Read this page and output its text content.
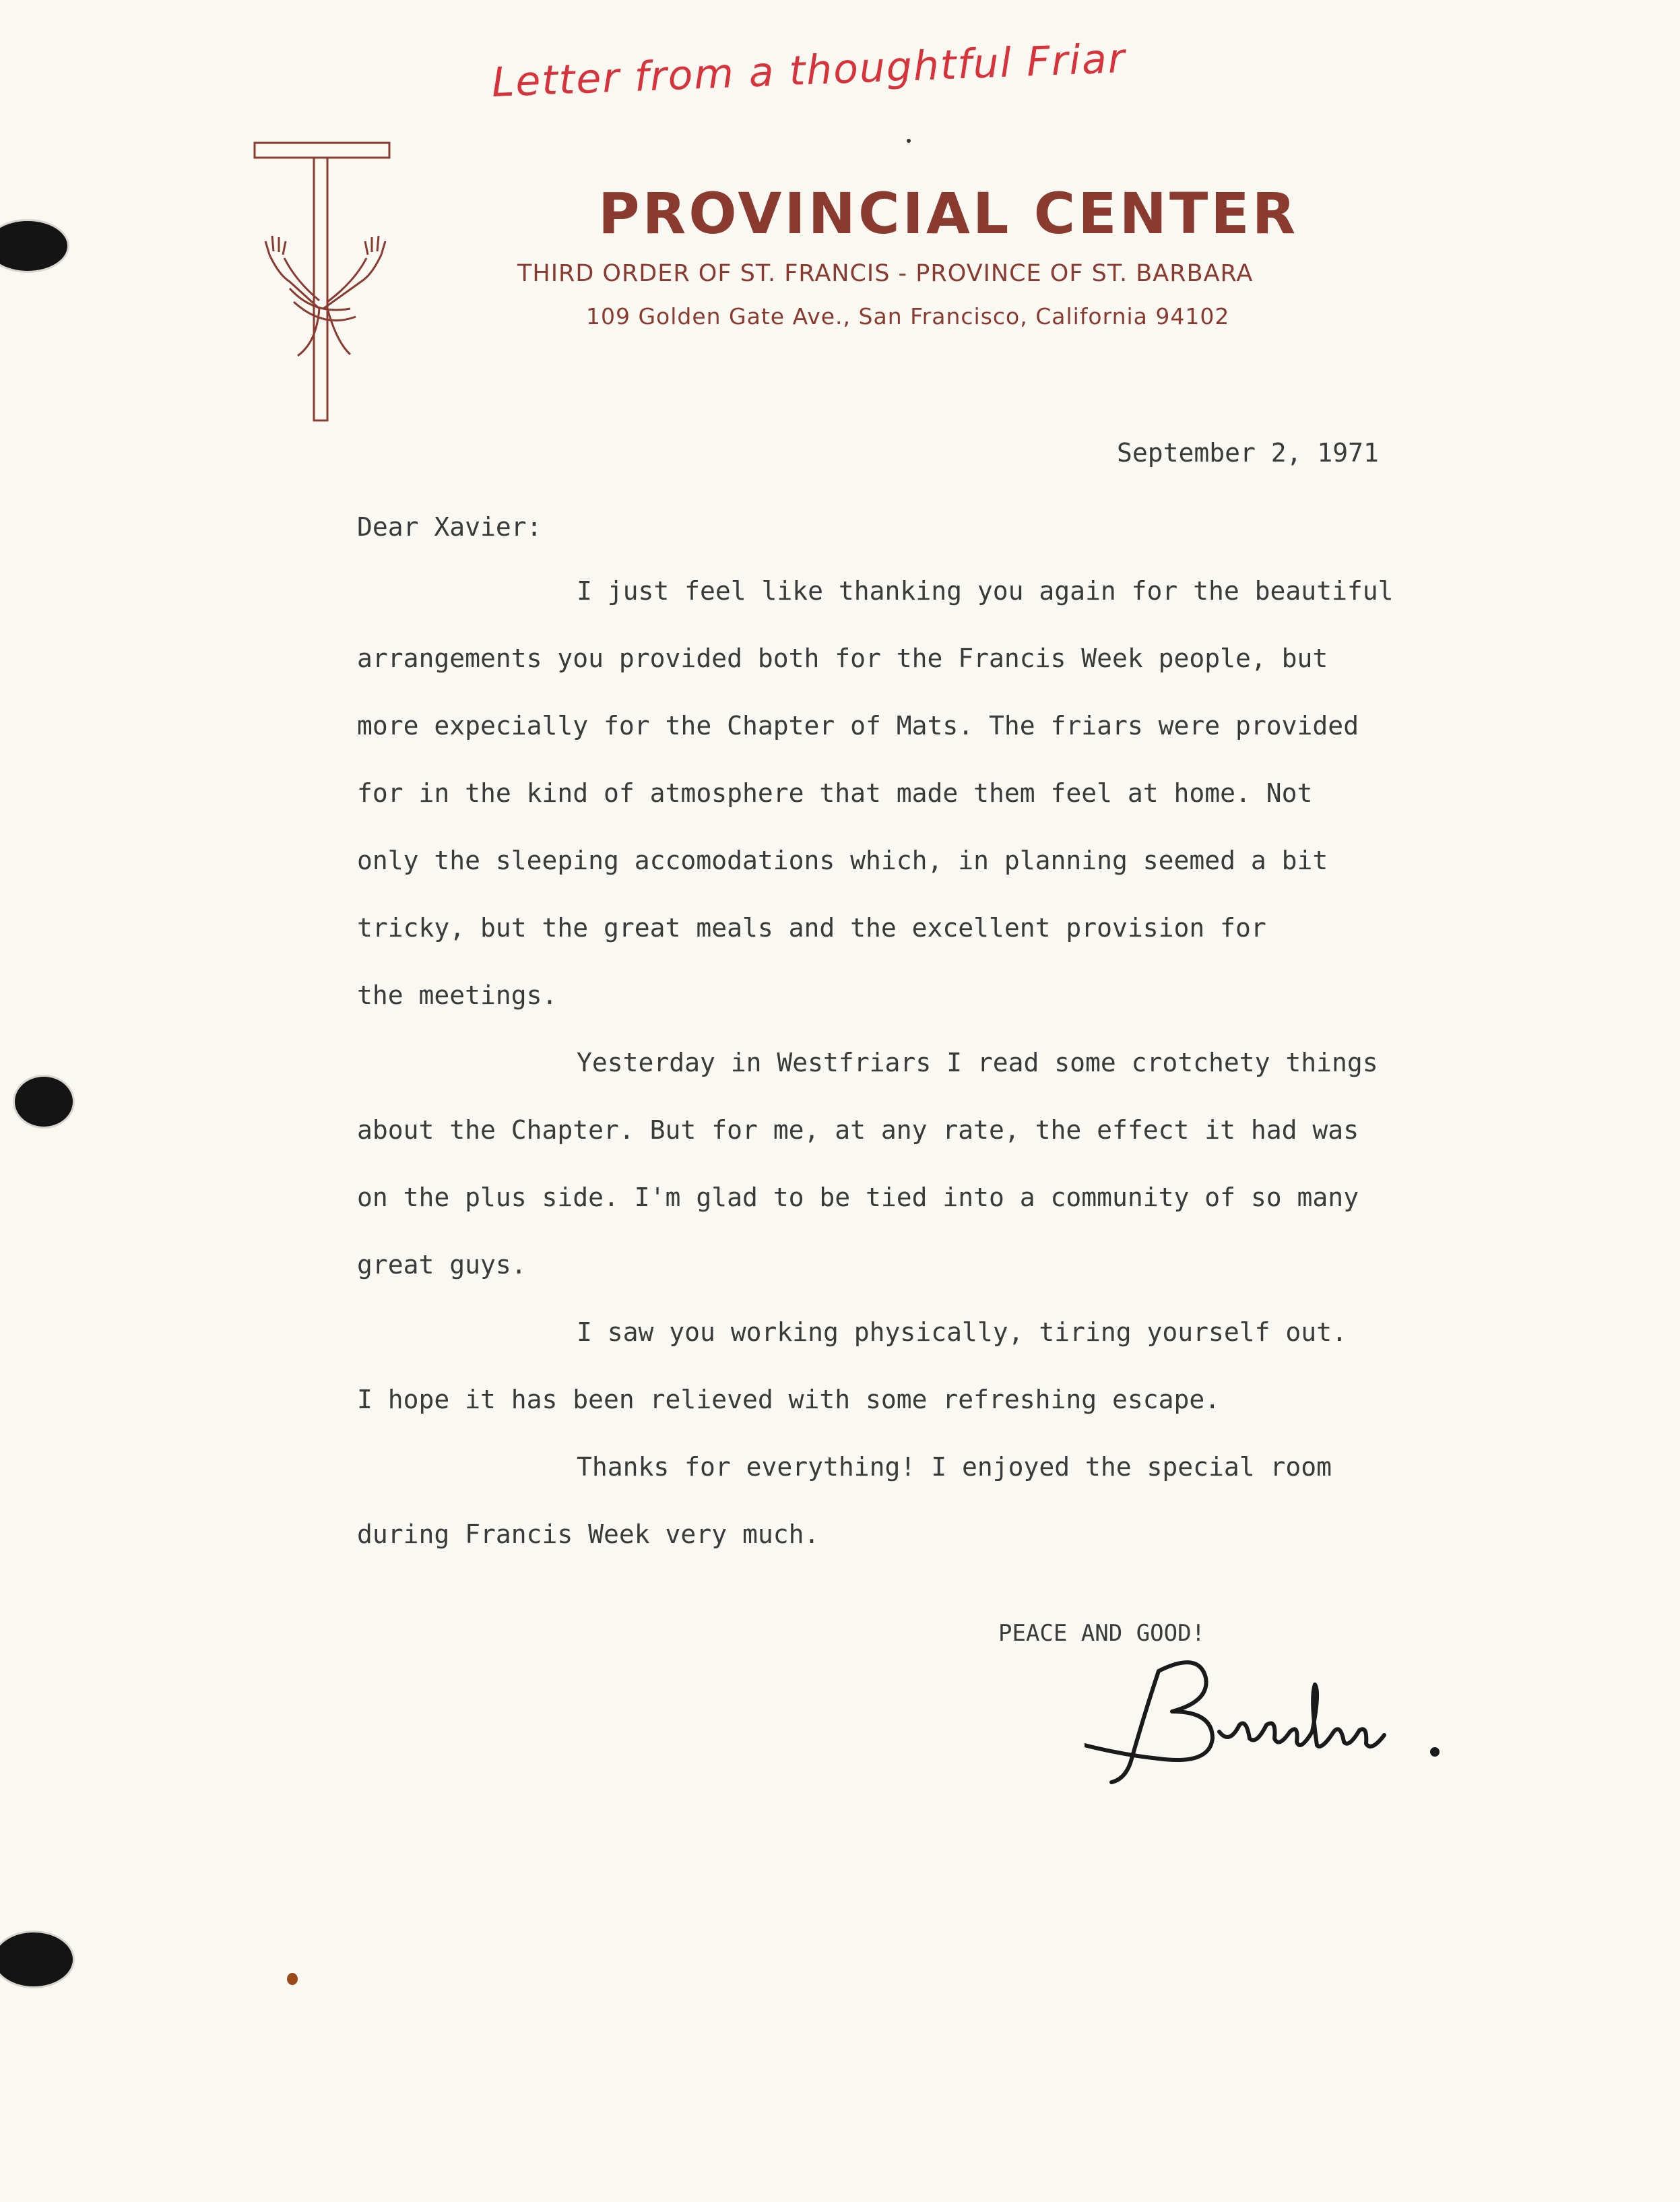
Letter from a thoughtful Friar
PROVINCIAL CENTER
THIRD ORDER OF ST. FRANCIS - PROVINCE OF ST. BARBARA
109 Golden Gate Ave., San Francisco, California 94102
September 2, 1971
Dear Xavier:
I just feel like thanking you again for the beautiful
arrangements you provided both for the Francis Week people, but
more expecially for the Chapter of Mats. The friars were provided
for in the kind of atmosphere that made them feel at home. Not
only the sleeping accomodations which, in planning seemed a bit
tricky, but the great meals and the excellent provision for
the meetings.
Yesterday in Westfriars I read some crotchety things
about the Chapter. But for me, at any rate, the effect it had was
on the plus side. I'm glad to be tied into a community of so many
great guys.
I saw you working physically, tiring yourself out.
I hope it has been relieved with some refreshing escape.
Thanks for everything! I enjoyed the special room
during Francis Week very much.
PEACE AND GOOD!
